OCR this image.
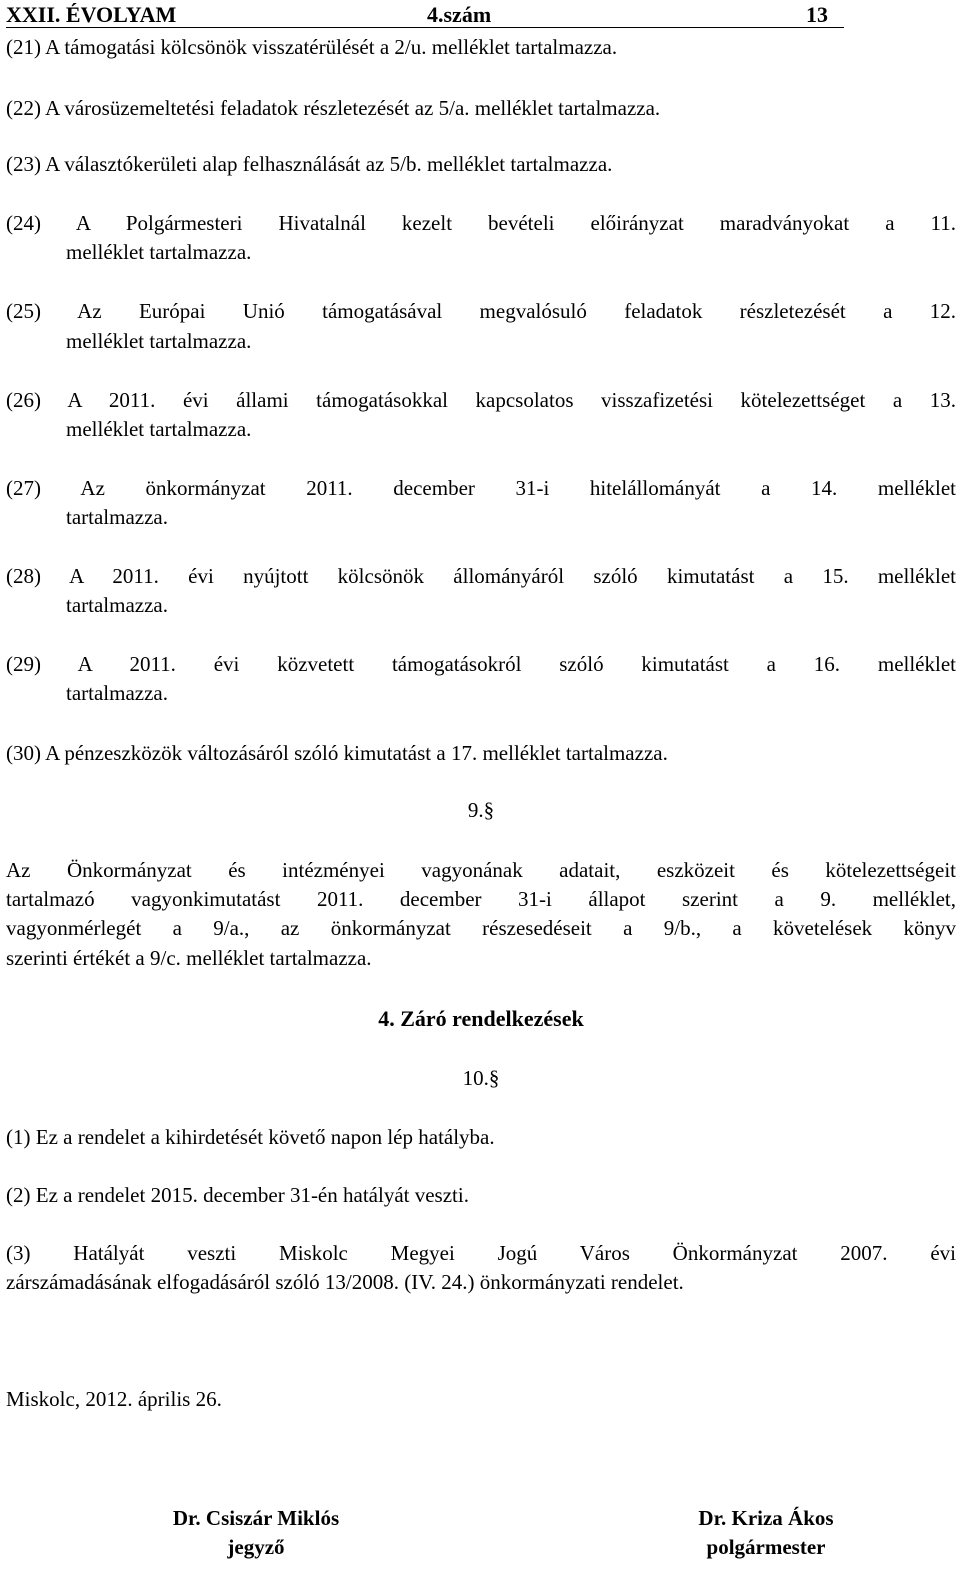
XXII. ÉVOLYAM	4.szám	13
(21) A támogatási kölcsönök visszatérülését a 2/u. melléklet tartalmazza.
(22) A városüzemeltetési feladatok részletezését az 5/a. melléklet tartalmazza.
(23) A választókerületi alap felhasználását az 5/b. melléklet tartalmazza.
(24) A Polgármesteri Hivatalnál kezelt bevételi előirányzat maradványokat a 11.
melléklet tartalmazza.
(25) Az Európai Unió támogatásával megvalósuló feladatok részletezését a 12.
melléklet tartalmazza.
(26) A 2011. évi állami támogatásokkal kapcsolatos visszafizetési kötelezettséget a 13.
melléklet tartalmazza.
(27) Az önkormányzat 2011. december 31-i hitelállományát a 14. melléklet
tartalmazza.
(28) A 2011. évi nyújtott kölcsönök állományáról szóló kimutatást a 15. melléklet
tartalmazza.
(29) A 2011. évi közvetett támogatásokról szóló kimutatást a 16. melléklet
tartalmazza.
(30) A pénzeszközök változásáról szóló kimutatást a 17. melléklet tartalmazza.
9.§
Az Önkormányzat és intézményei vagyonának adatait, eszközeit és kötelezettségeit
tartalmazó vagyonkimutatást 2011. december 31-i állapot szerint a 9. melléklet,
vagyonmérlegét a 9/a., az önkormányzat részesedéseit a 9/b., a követelések könyv
szerinti értékét a 9/c. melléklet tartalmazza.
4. Záró rendelkezések
10.§
(1) Ez a rendelet a kihirdetését követő napon lép hatályba.
(2) Ez a rendelet 2015. december 31-én hatályát veszti.
(3) Hatályát veszti Miskolc Megyei Jogú Város Önkormányzat 2007. évi
zárszámadásának elfogadásáról szóló 13/2008. (IV. 24.) önkormányzati rendelet.
Miskolc, 2012. április 26.
Dr. Csiszár Miklós
jegyző
Dr. Kriza Ákos
polgármester
